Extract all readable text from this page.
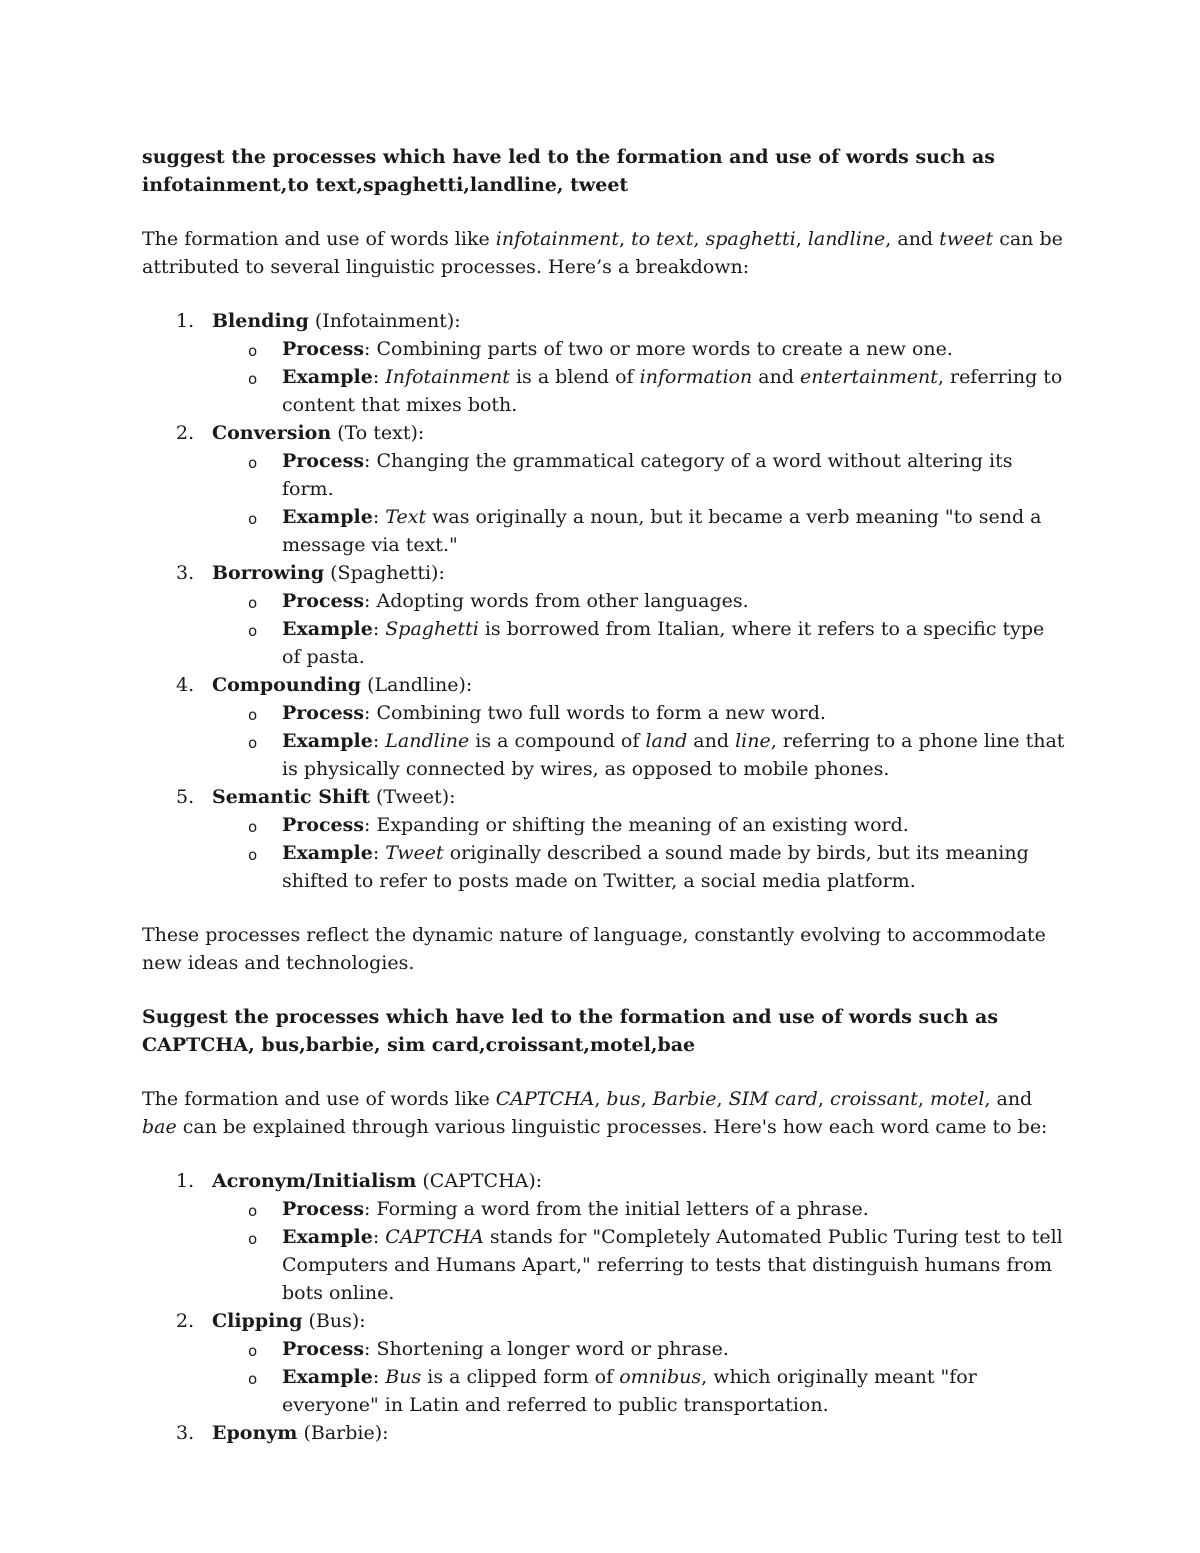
suggest the processes which have led to the formation and use of words such as infotainment,to text,spaghetti,landline, tweet

The formation and use of words like infotainment, to text, spaghetti, landline, and tweet can be attributed to several linguistic processes. Here’s a breakdown:

1. Blending (Infotainment):
o Process: Combining parts of two or more words to create a new one.
o Example: Infotainment is a blend of information and entertainment, referring to content that mixes both.
2. Conversion (To text):
o Process: Changing the grammatical category of a word without altering its form.
o Example: Text was originally a noun, but it became a verb meaning "to send a message via text."
3. Borrowing (Spaghetti):
o Process: Adopting words from other languages.
o Example: Spaghetti is borrowed from Italian, where it refers to a specific type of pasta.
4. Compounding (Landline):
o Process: Combining two full words to form a new word.
o Example: Landline is a compound of land and line, referring to a phone line that is physically connected by wires, as opposed to mobile phones.
5. Semantic Shift (Tweet):
o Process: Expanding or shifting the meaning of an existing word.
o Example: Tweet originally described a sound made by birds, but its meaning shifted to refer to posts made on Twitter, a social media platform.

These processes reflect the dynamic nature of language, constantly evolving to accommodate new ideas and technologies.

Suggest the processes which have led to the formation and use of words such as CAPTCHA, bus,barbie, sim card,croissant,motel,bae

The formation and use of words like CAPTCHA, bus, Barbie, SIM card, croissant, motel, and bae can be explained through various linguistic processes. Here's how each word came to be:

1. Acronym/Initialism (CAPTCHA):
o Process: Forming a word from the initial letters of a phrase.
o Example: CAPTCHA stands for "Completely Automated Public Turing test to tell Computers and Humans Apart," referring to tests that distinguish humans from bots online.
2. Clipping (Bus):
o Process: Shortening a longer word or phrase.
o Example: Bus is a clipped form of omnibus, which originally meant "for everyone" in Latin and referred to public transportation.
3. Eponym (Barbie):
